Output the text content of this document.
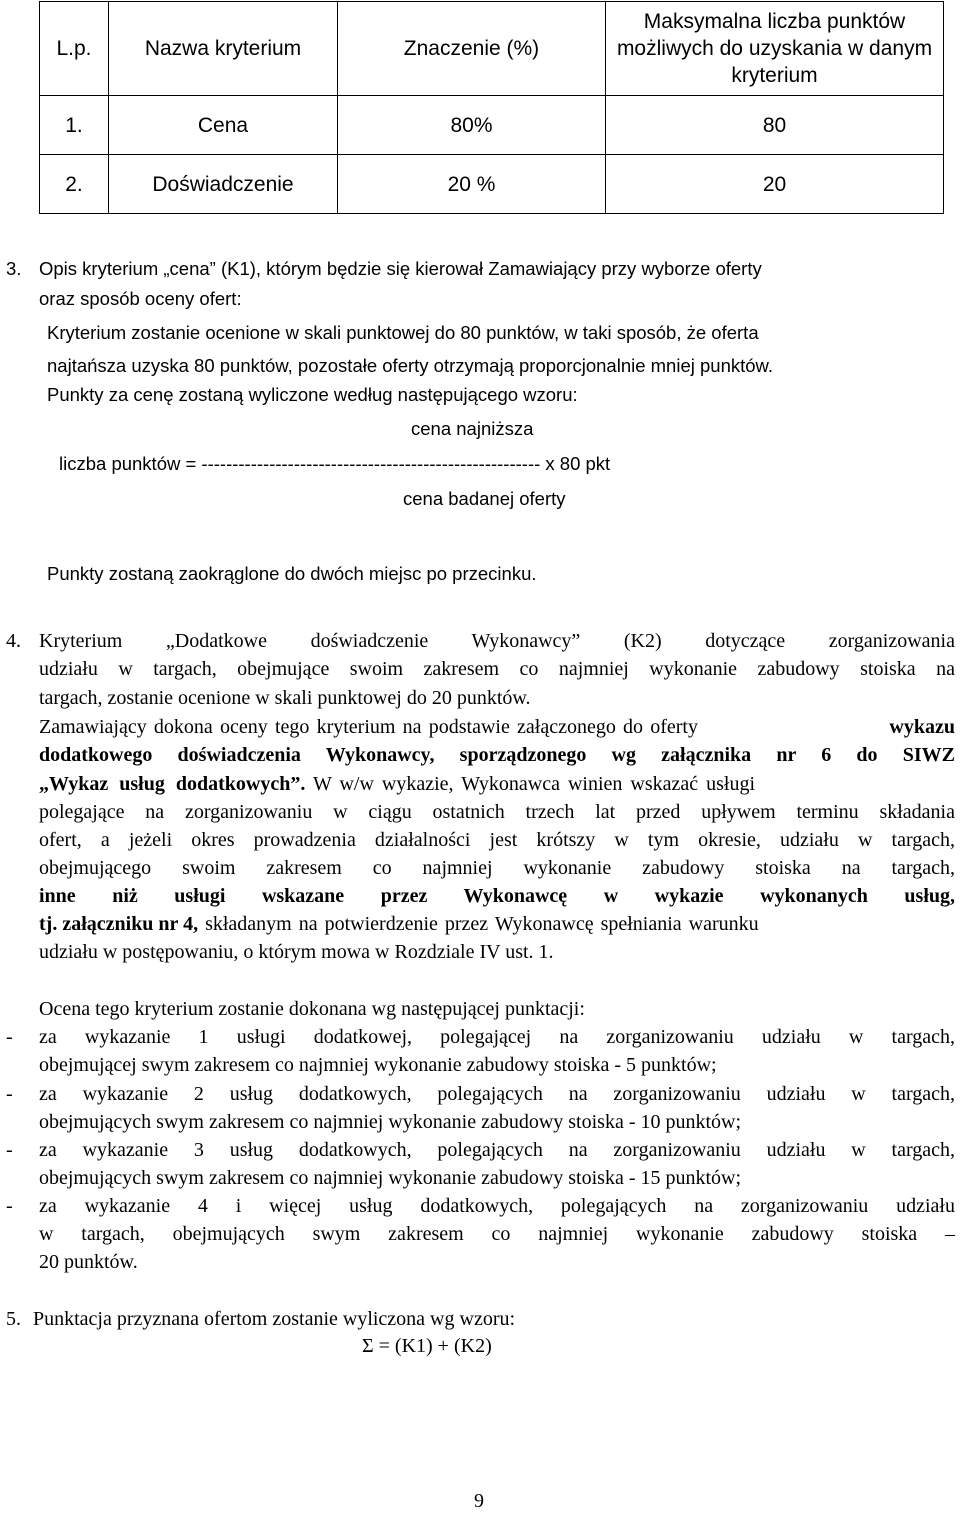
L.p.	Nazwa kryterium	Znaczenie (%)	Maksymalna liczba punktów możliwych do uzyskania w danym kryterium
1.	Cena	80%	80
2.	Doświadczenie	20 %	20
3. Opis kryterium „cena” (K1), którym będzie się kierował Zamawiający przy wyborze oferty
oraz sposób oceny ofert:
Kryterium zostanie ocenione w skali punktowej do 80 punktów, w taki sposób, że oferta
najtańsza uzyska 80 punktów, pozostałe oferty otrzymają proporcjonalnie mniej punktów.
Punkty za cenę zostaną wyliczone według następującego wzoru:
cena najniższa
liczba punktów = ------------------------------------------------------- x 80 pkt
cena badanej oferty
Punkty zostaną zaokrąglone do dwóch miejsc po przecinku.
4. Kryterium „Dodatkowe doświadczenie Wykonawcy” (K2) dotyczące zorganizowania
udziału w targach, obejmujące swoim zakresem co najmniej wykonanie zabudowy stoiska na
targach, zostanie ocenione w skali punktowej do 20 punktów.
Zamawiający dokona oceny tego kryterium na podstawie załączonego do oferty	wykazu
dodatkowego doświadczenia Wykonawcy, sporządzonego wg załącznika nr 6 do SIWZ
„Wykaz usług dodatkowych”. W w/w wykazie, Wykonawca winien wskazać usługi
polegające na zorganizowaniu w ciągu ostatnich trzech lat przed upływem terminu składania
ofert, a jeżeli okres prowadzenia działalności jest krótszy w tym okresie, udziału w targach,
obejmującego swoim zakresem co najmniej wykonanie zabudowy stoiska na targach,
inne niż usługi wskazane przez Wykonawcę w wykazie wykonanych usług,
tj. załączniku nr 4, składanym na potwierdzenie przez Wykonawcę spełniania warunku
udziału w postępowaniu, o którym mowa w Rozdziale IV ust. 1.
Ocena tego kryterium zostanie dokonana wg następującej punktacji:
- za wykazanie 1 usługi dodatkowej, polegającej na zorganizowaniu udziału w targach,
obejmującej swym zakresem co najmniej wykonanie zabudowy stoiska - 5 punktów;
- za wykazanie 2 usług dodatkowych, polegających na zorganizowaniu udziału w targach,
obejmujących swym zakresem co najmniej wykonanie zabudowy stoiska - 10 punktów;
- za wykazanie 3 usług dodatkowych, polegających na zorganizowaniu udziału w targach,
obejmujących swym zakresem co najmniej wykonanie zabudowy stoiska - 15 punktów;
- za wykazanie 4 i więcej usług dodatkowych, polegających na zorganizowaniu udziału
w targach, obejmujących swym zakresem co najmniej wykonanie zabudowy stoiska –
20 punktów.
5. Punktacja przyznana ofertom zostanie wyliczona wg wzoru:
Σ = (K1) + (K2)
9
